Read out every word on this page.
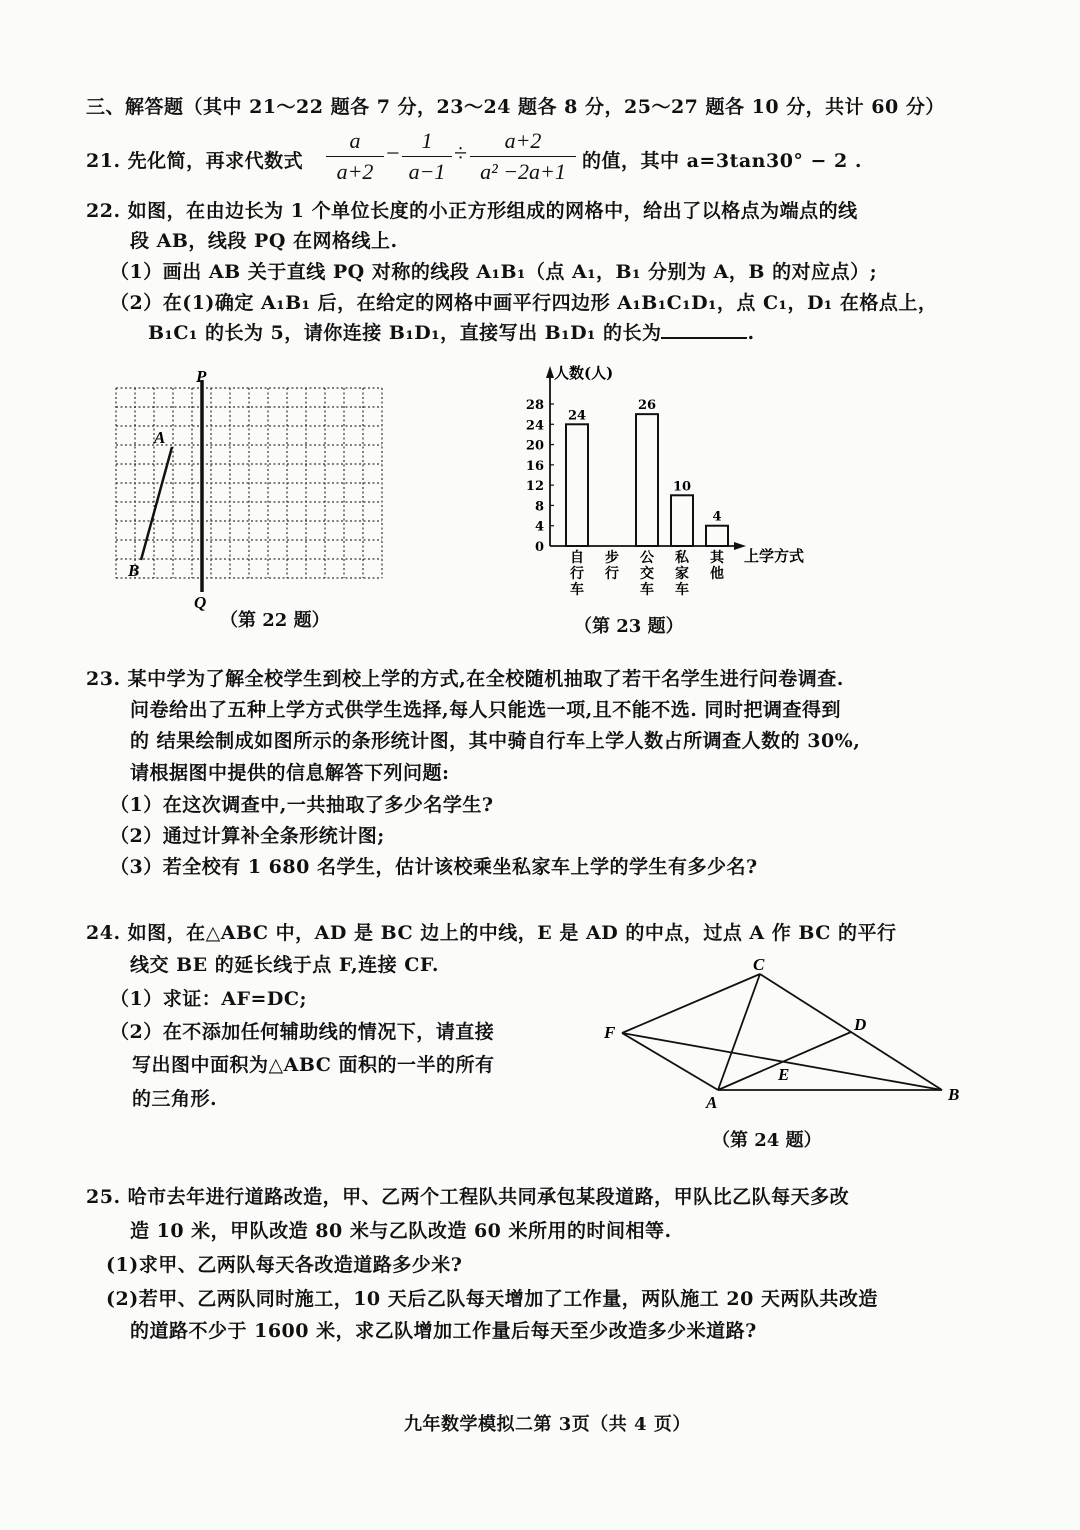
三、解答题（其中 21～22 题各 7 分，23～24 题各 8 分，25～27 题各 10 分，共计 60 分）
21. 先化简，再求代数式
a
a+2
−
1
a−1
÷
a+2
a² −2a+1 的值，其中 a=3tan30° − 2 .
22. 如图，在由边长为 1 个单位长度的小正方形组成的网格中，给出了以格点为端点的线
段 AB，线段 PQ 在网格线上.
（1）画出 AB 关于直线 PQ 对称的线段 A₁B₁（点 A₁，B₁ 分别为 A，B 的对应点）;
（2）在(1)确定 A₁B₁ 后，在给定的网格中画平行四边形 A₁B₁C₁D₁，点 C₁，D₁ 在格点上，
B₁C₁ 的长为 5，请你连接 B₁D₁，直接写出 B₁D₁ 的长为	.
P
Q
A
B
（第 22 题）
人数(人)
上学方式
0
4
8
12
16
20
24
28
24
自
行
车
步
行
26
公
交
车
10
私
家
车
4
其
他
（第 23 题）
23. 某中学为了解全校学生到校上学的方式,在全校随机抽取了若干名学生进行问卷调查.
问卷给出了五种上学方式供学生选择,每人只能选一项,且不能不选. 同时把调查得到
的 结果绘制成如图所示的条形统计图，其中骑自行车上学人数占所调查人数的 30%,
请根据图中提供的信息解答下列问题:
（1）在这次调查中,一共抽取了多少名学生?
（2）通过计算补全条形统计图;
（3）若全校有 1 680 名学生，估计该校乘坐私家车上学的学生有多少名?
24. 如图，在△ABC 中，AD 是 BC 边上的中线，E 是 AD 的中点，过点 A 作 BC 的平行
线交 BE 的延长线于点 F,连接 CF.
（1）求证：AF=DC;
（2）在不添加任何辅助线的情况下，请直接
写出图中面积为△ABC 面积的一半的所有
的三角形.
C
F	D
E
A	B
（第 24 题）
25. 哈市去年进行道路改造，甲、乙两个工程队共同承包某段道路，甲队比乙队每天多改
造 10 米，甲队改造 80 米与乙队改造 60 米所用的时间相等.
(1)求甲、乙两队每天各改造道路多少米?
(2)若甲、乙两队同时施工，10 天后乙队每天增加了工作量，两队施工 20 天两队共改造
的道路不少于 1600 米，求乙队增加工作量后每天至少改造多少米道路?
九年数学模拟二第 3页（共 4 页）
